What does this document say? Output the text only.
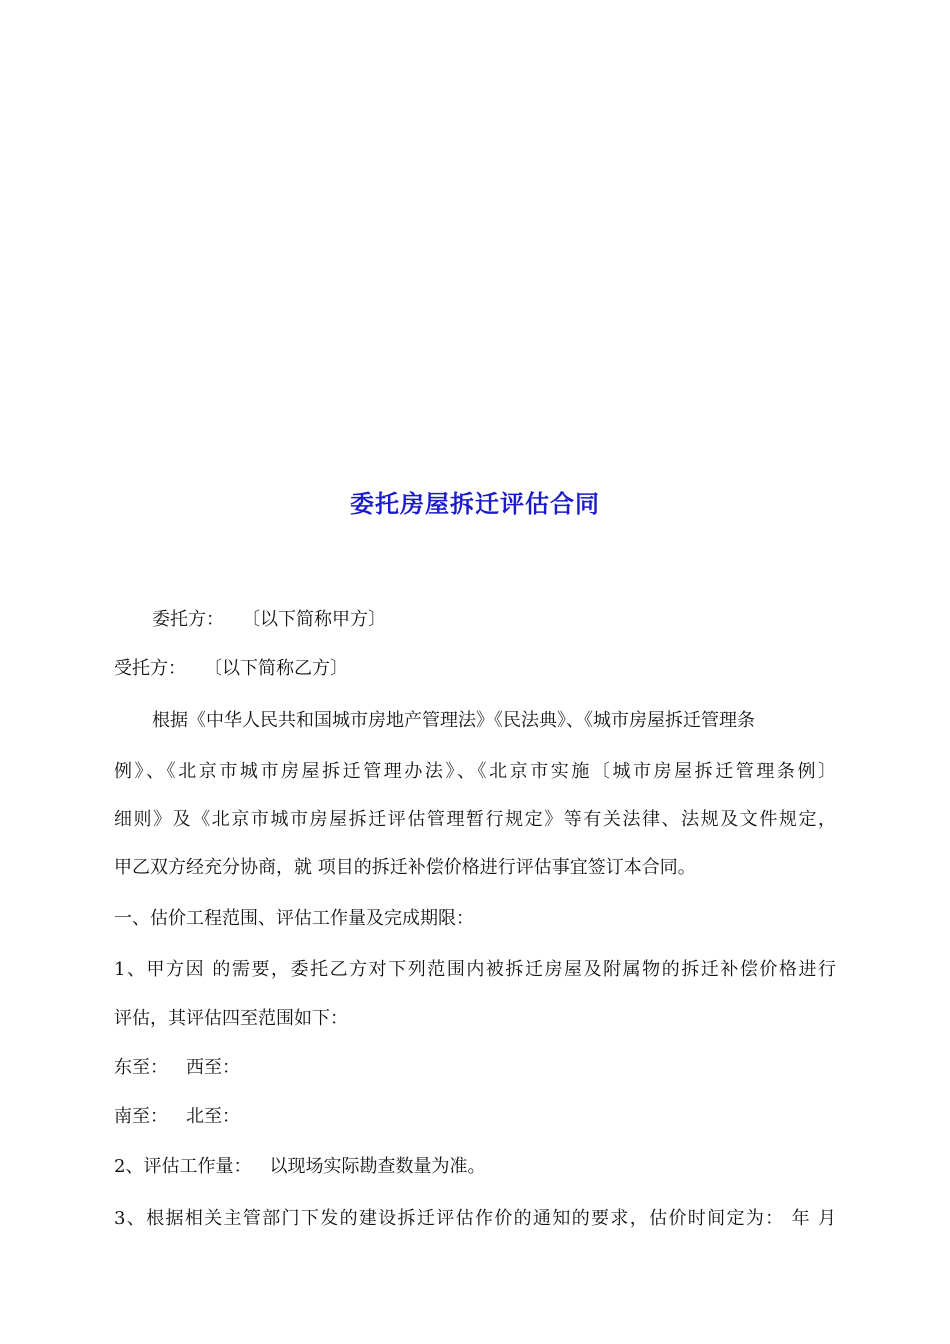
委托房屋拆迁评估合同

委托方： 〔以下简称甲方〕

受托方： 〔以下简称乙方〕

根据《中华人民共和国城市房地产管理法》《民法典》、《城市房屋拆迁管理条

例》、《北京市城市房屋拆迁管理办法》、《北京市实施〔城市房屋拆迁管理条例〕

细则》及《北京市城市房屋拆迁评估管理暂行规定》等有关法律、法规及文件规定，

甲乙双方经充分协商，就 项目的拆迁补偿价格进行评估事宜签订本合同。

一、估价工程范围、评估工作量及完成期限：

1、甲方因 的需要，委托乙方对下列范围内被拆迁房屋及附属物的拆迁补偿价格进行

评估，其评估四至范围如下：

东至： 西至：

南至： 北至：

2、评估工作量： 以现场实际勘查数量为准。

3、根据相关主管部门下发的建设拆迁评估作价的通知的要求，估价时间定为： 年 月
